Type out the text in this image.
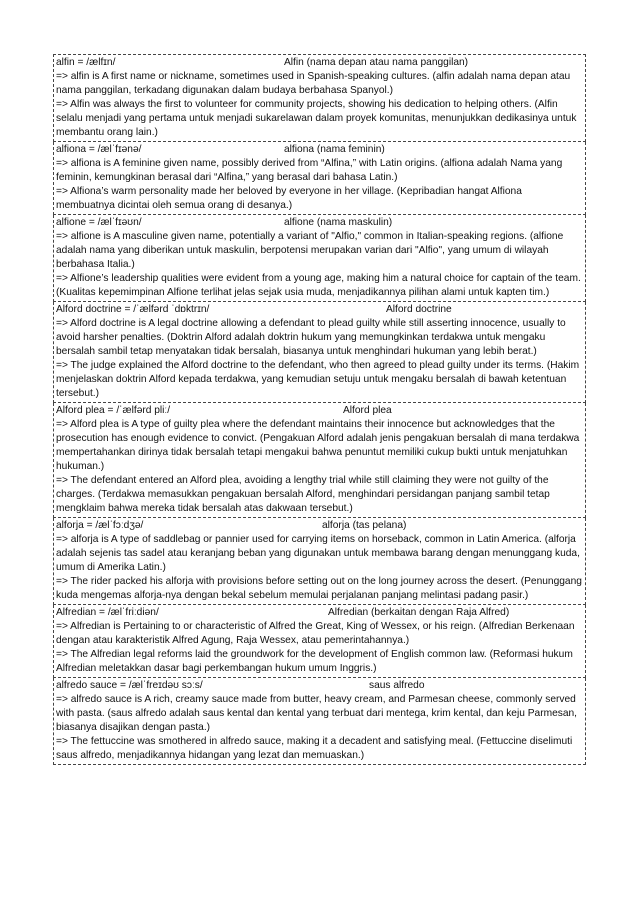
alfin = /ælfɪn/	Alfin (nama depan atau nama panggilan)

=> alfin is A first name or nickname, sometimes used in Spanish-speaking cultures. (alfin adalah nama depan atau nama panggilan, terkadang digunakan dalam budaya berbahasa Spanyol.)

=> Alfin was always the first to volunteer for community projects, showing his dedication to helping others. (Alfin selalu menjadi yang pertama untuk menjadi sukarelawan dalam proyek komunitas, menunjukkan dedikasinya untuk membantu orang lain.)

alfiona = /ælˈfɪənə/	alfiona (nama feminin)

=> alfiona is A feminine given name, possibly derived from “Alfina,” with Latin origins. (alfiona adalah Nama yang feminin, kemungkinan berasal dari “Alfina,” yang berasal dari bahasa Latin.)

=> Alfiona’s warm personality made her beloved by everyone in her village. (Kepribadian hangat Alfiona membuatnya dicintai oleh semua orang di desanya.)

alfione = /ælˈfɪəʊn/	alfione (nama maskulin)

=> alfione is A masculine given name, potentially a variant of "Alfio," common in Italian-speaking regions. (alfione adalah nama yang diberikan untuk maskulin, berpotensi merupakan varian dari "Alfio", yang umum di wilayah berbahasa Italia.)

=> Alfione’s leadership qualities were evident from a young age, making him a natural choice for captain of the team. (Kualitas kepemimpinan Alfione terlihat jelas sejak usia muda, menjadikannya pilihan alami untuk kapten tim.)

Alford doctrine = /ˈælfərd ˈdɒktrɪn/	Alford doctrine

=> Alford doctrine is A legal doctrine allowing a defendant to plead guilty while still asserting innocence, usually to avoid harsher penalties. (Doktrin Alford adalah doktrin hukum yang memungkinkan terdakwa untuk mengaku bersalah sambil tetap menyatakan tidak bersalah, biasanya untuk menghindari hukuman yang lebih berat.)

=> The judge explained the Alford doctrine to the defendant, who then agreed to plead guilty under its terms. (Hakim menjelaskan doktrin Alford kepada terdakwa, yang kemudian setuju untuk mengaku bersalah di bawah ketentuan tersebut.)

Alford plea = /ˈælfərd pliː/	Alford plea

=> Alford plea is A type of guilty plea where the defendant maintains their innocence but acknowledges that the prosecution has enough evidence to convict. (Pengakuan Alford adalah jenis pengakuan bersalah di mana terdakwa mempertahankan dirinya tidak bersalah tetapi mengakui bahwa penuntut memiliki cukup bukti untuk menjatuhkan hukuman.)

=> The defendant entered an Alford plea, avoiding a lengthy trial while still claiming they were not guilty of the charges. (Terdakwa memasukkan pengakuan bersalah Alford, menghindari persidangan panjang sambil tetap mengklaim bahwa mereka tidak bersalah atas dakwaan tersebut.)

alforja = /ælˈfɔːdʒə/	alforja (tas pelana)

=> alforja is A type of saddlebag or pannier used for carrying items on horseback, common in Latin America. (alforja adalah sejenis tas sadel atau keranjang beban yang digunakan untuk membawa barang dengan menunggang kuda, umum di Amerika Latin.)

=> The rider packed his alforja with provisions before setting out on the long journey across the desert. (Penunggang kuda mengemas alforja-nya dengan bekal sebelum memulai perjalanan panjang melintasi padang pasir.)

Alfredian = /ælˈfriːdiən/	Alfredian (berkaitan dengan Raja Alfred)

=> Alfredian is Pertaining to or characteristic of Alfred the Great, King of Wessex, or his reign. (Alfredian Berkenaan dengan atau karakteristik Alfred Agung, Raja Wessex, atau pemerintahannya.)

=> The Alfredian legal reforms laid the groundwork for the development of English common law. (Reformasi hukum Alfredian meletakkan dasar bagi perkembangan hukum umum Inggris.)

alfredo sauce = /ælˈfreɪdəʊ sɔːs/	saus alfredo

=> alfredo sauce is A rich, creamy sauce made from butter, heavy cream, and Parmesan cheese, commonly served with pasta. (saus alfredo adalah saus kental dan kental yang terbuat dari mentega, krim kental, dan keju Parmesan, biasanya disajikan dengan pasta.)

=> The fettuccine was smothered in alfredo sauce, making it a decadent and satisfying meal. (Fettuccine diselimuti saus alfredo, menjadikannya hidangan yang lezat dan memuaskan.)
